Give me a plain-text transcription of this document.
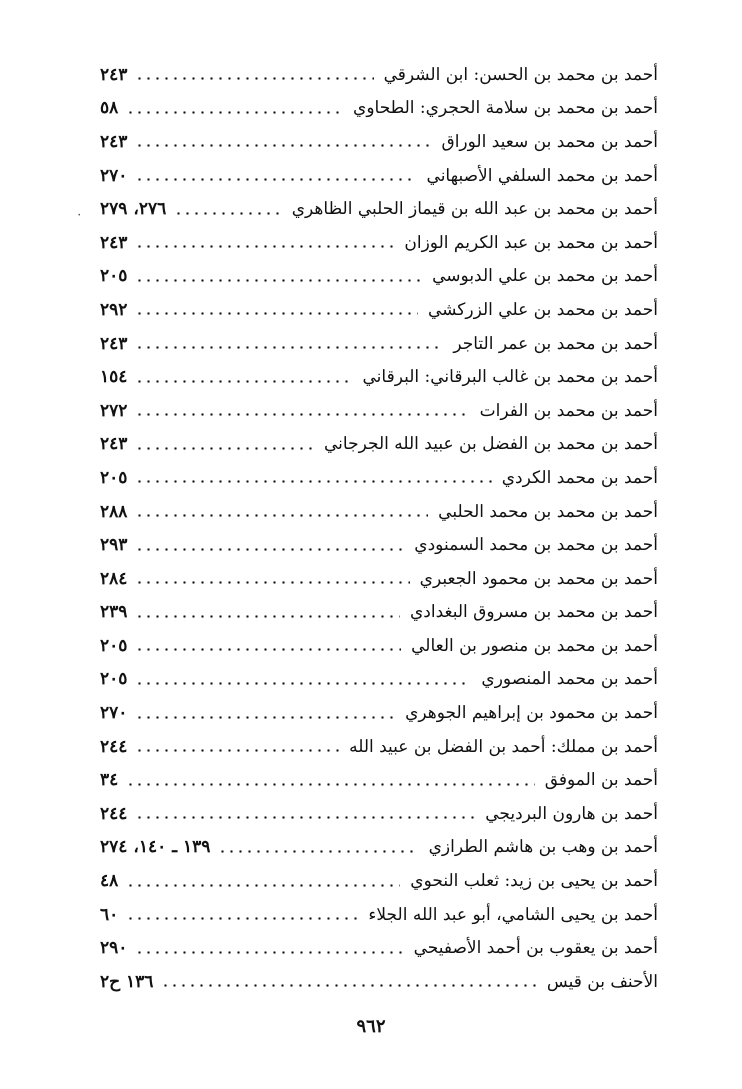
أحمد بن محمد بن الحسن: ابن الشرقي
٢٤٣
أحمد بن محمد بن سلامة الحجري: الطحاوي
٥٨
أحمد بن محمد بن سعيد الوراق
٢٤٣
أحمد بن محمد السلفي الأصبهاني
٢٧٠
أحمد بن محمد بن عبد الله بن قيماز الحلبي الظاهري
٢٧٦، ٢٧٩
أحمد بن محمد بن عبد الكريم الوزان
٢٤٣
أحمد بن محمد بن علي الدبوسي
٢٠٥
أحمد بن محمد بن علي الزركشي
٢٩٢
أحمد بن محمد بن عمر التاجر
٢٤٣
أحمد بن محمد بن غالب البرقاني: البرقاني
١٥٤
أحمد بن محمد بن الفرات
٢٧٢
أحمد بن محمد بن الفضل بن عبيد الله الجرجاني
٢٤٣
أحمد بن محمد الكردي
٢٠٥
أحمد بن محمد بن محمد الحلبي
٢٨٨
أحمد بن محمد بن محمد السمنودي
٢٩٣
أحمد بن محمد بن محمود الجعبري
٢٨٤
أحمد بن محمد بن مسروق البغدادي
٢٣٩
أحمد بن محمد بن منصور بن العالي
٢٠٥
أحمد بن محمد المنصوري
٢٠٥
أحمد بن محمود بن إبراهيم الجوهري
٢٧٠
أحمد بن مملك: أحمد بن الفضل بن عبيد الله
٢٤٤
أحمد بن الموفق
٣٤
أحمد بن هارون البرديجي
٢٤٤
أحمد بن وهب بن هاشم الطرازي
١٣٩ ـ ١٤٠، ٢٧٤
أحمد بن يحيى بن زيد: ثعلب النحوي
٤٨
أحمد بن يحيى الشامي، أبو عبد الله الجلاء
٦٠
أحمد بن يعقوب بن أحمد الأصفيحي
٢٩٠
الأحنف بن قيس
١٣٦ ح٢
٠
٩٦٢
